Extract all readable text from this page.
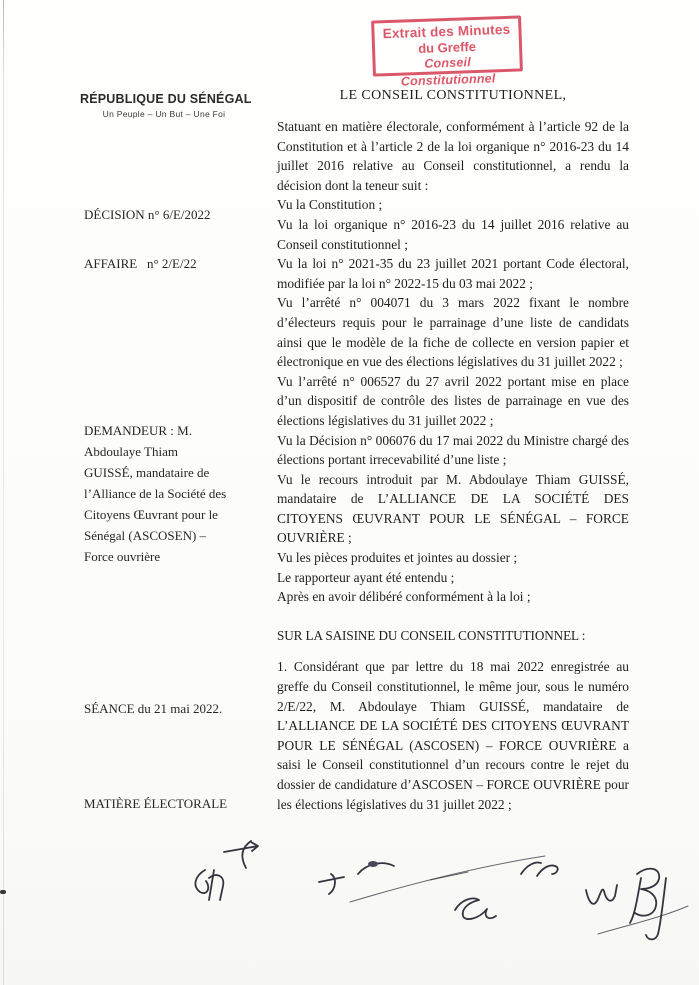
Extrait des Minutes
du Greffe
Conseil Constitutionnel
RÉPUBLIQUE DU SÉNÉGAL
Un Peuple – Un But – Une Foi
DÉCISION n° 6/E/2022
AFFAIRE   n° 2/E/22
DEMANDEUR : M.
Abdoulaye Thiam
GUISSÉ, mandataire de
l’Alliance de la Société des
Citoyens Œuvrant pour le
Sénégal (ASCOSEN) –
Force ouvrière
SÉANCE du 21 mai 2022.
MATIÈRE ÉLECTORALE
LE CONSEIL CONSTITUTIONNEL,

Statuant en matière électorale, conformément à l’article 92 de la Constitution et à l’article 2 de la loi organique n° 2016-23 du 14 juillet 2016 relative au Conseil constitutionnel, a rendu la décision dont la teneur suit :

Vu la Constitution ;

Vu la loi organique n° 2016-23 du 14 juillet 2016 relative au Conseil constitutionnel ;

Vu la loi n° 2021-35 du 23 juillet 2021 portant Code électoral, modifiée par la loi n° 2022-15 du 03 mai 2022 ;

Vu l’arrêté n° 004071 du 3 mars 2022 fixant le nombre d’électeurs requis pour le parrainage d’une liste de candidats ainsi que le modèle de la fiche de collecte en version papier et électronique en vue des élections législatives du 31 juillet 2022 ;

Vu l’arrêté n° 006527 du 27 avril 2022 portant mise en place d’un dispositif de contrôle des listes de parrainage en vue des élections législatives du 31 juillet 2022 ;

Vu la Décision n° 006076 du 17 mai 2022 du Ministre chargé des élections portant irrecevabilité d’une liste ;

Vu le recours introduit par M. Abdoulaye Thiam GUISSÉ, mandataire de L’ALLIANCE DE LA SOCIÉTÉ DES CITOYENS ŒUVRANT POUR LE SÉNÉGAL – FORCE OUVRIÈRE ;

Vu les pièces produites et jointes au dossier ;

Le rapporteur ayant été entendu ;

Après en avoir délibéré conformément à la loi ;

SUR LA SAISINE DU CONSEIL CONSTITUTIONNEL :

1. Considérant que par lettre du 18 mai 2022 enregistrée au greffe du Conseil constitutionnel, le même jour, sous le numéro 2/E/22, M. Abdoulaye Thiam GUISSÉ, mandataire de L’ALLIANCE DE LA SOCIÉTÉ DES CITOYENS ŒUVRANT POUR LE SÉNÉGAL (ASCOSEN) – FORCE OUVRIÈRE a saisi le Conseil constitutionnel d’un recours contre le rejet du dossier de candidature d’ASCOSEN – FORCE OUVRIÈRE pour les élections législatives du 31 juillet 2022 ;
